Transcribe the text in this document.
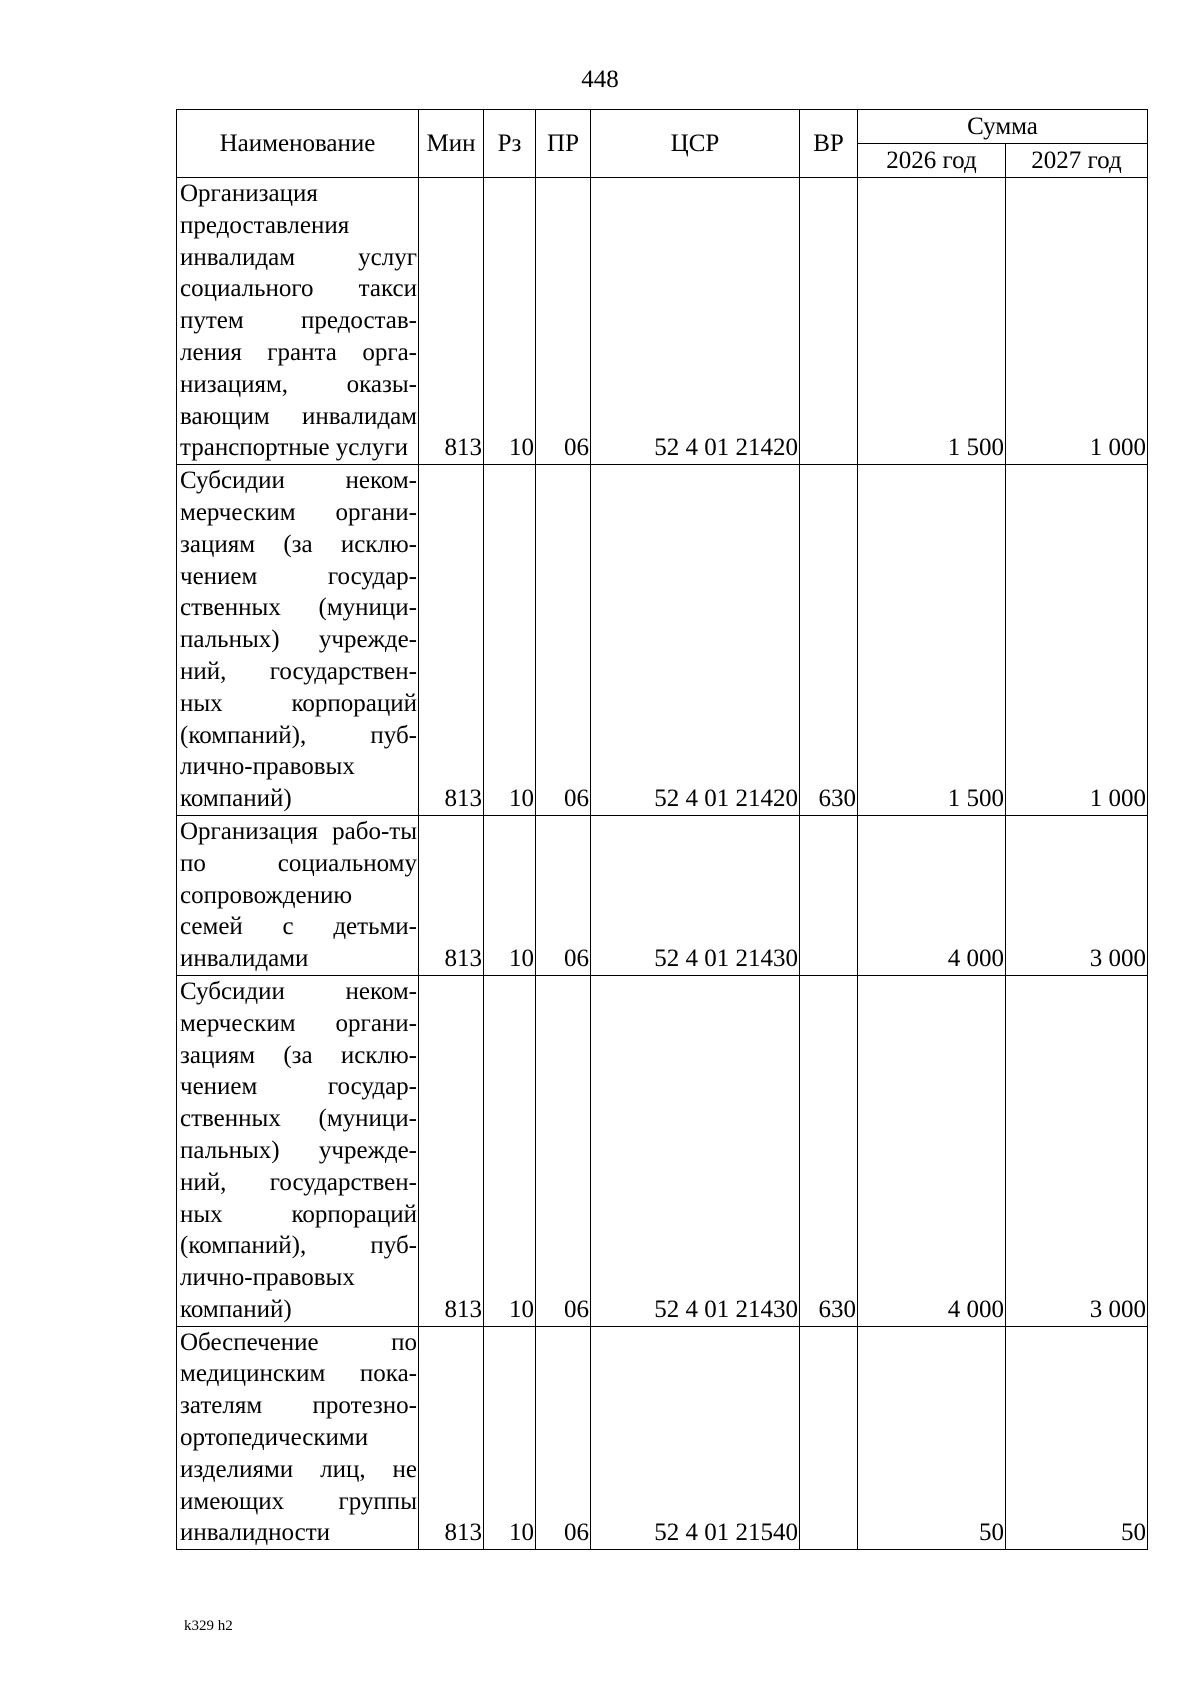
448
Наименование	Мин	Рз	ПР	ЦСР	ВР	Сумма	
						2026 год	2027 год
Организация предоставления инвалидам услуг социального такси путем предостав-ления гранта орга-низациям, оказы-вающим инвалидам транспортные услуги	813	10	06	52 4 01 21420		1 500	1 000
Субсидии неком-мерческим органи-зациям (за исклю-чением государ-ственных (муници-пальных) учрежде-ний, государствен-ных корпораций (компаний), пуб-лично-правовых компаний)	813	10	06	52 4 01 21420	630	1 500	1 000
Организация рабо-ты по социальному сопровождению семей с детьми-инвалидами	813	10	06	52 4 01 21430		4 000	3 000
Субсидии неком-мерческим органи-зациям (за исклю-чением государ-ственных (муници-пальных) учрежде-ний, государствен-ных корпораций (компаний), пуб-лично-правовых компаний)	813	10	06	52 4 01 21430	630	4 000	3 000
Обеспечение по медицинским пока-зателям протезно-ортопедическими изделиями лиц, не имеющих группы инвалидности	813	10	06	52 4 01 21540		50	50
k329 h2
